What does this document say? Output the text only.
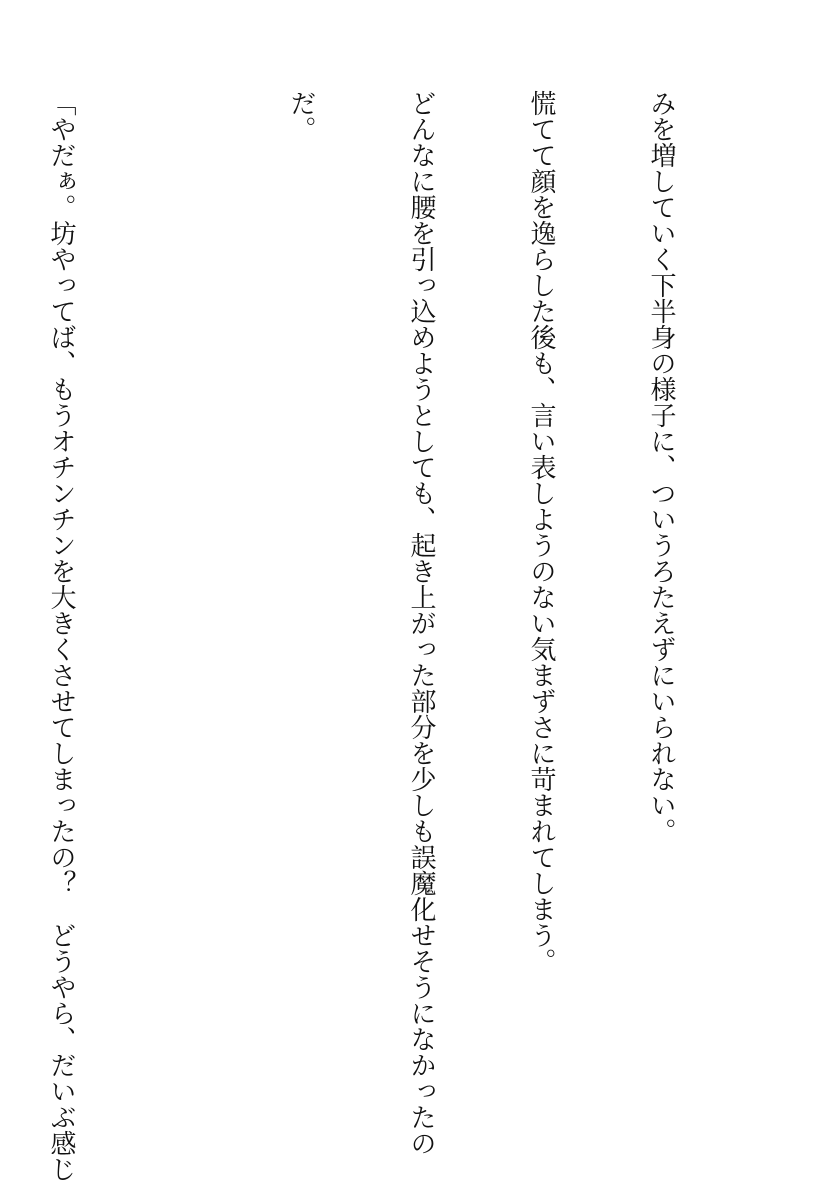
みを増していく下半身の様子に、ついうろたえずにいられない。

慌てて顔を逸らした後も、言い表しようのない気まずさに苛まれてしまう。

どんなに腰を引っ込めようとしても、起き上がった部分を少しも誤魔化せそうになかったの

だ。

「やだぁ。坊やってば、もうオチンチンを大きくさせてしまったの？　どうやら、だいぶ感じ
